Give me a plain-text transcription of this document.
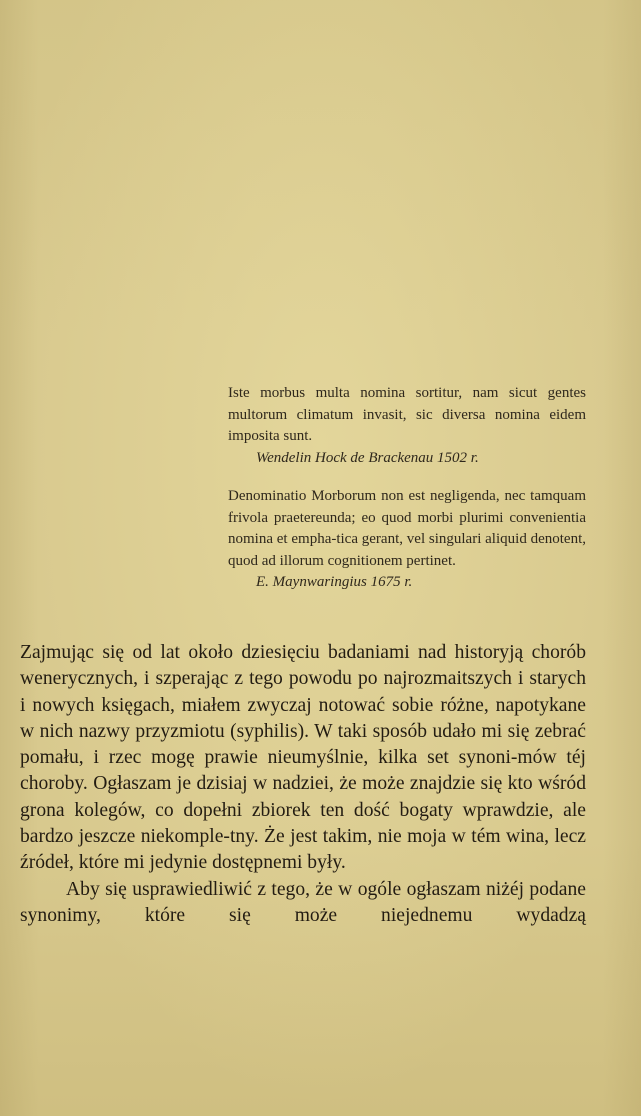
Iste morbus multa nomina sortitur, nam sicut gentes multorum climatum invasit, sic diversa nomina eidem imposita sunt.

Wendelin Hock de Brackenau 1502 r.

Denominatio Morborum non est negligenda, nec tamquam frivola praetereunda; eo quod morbi plurimi convenientia nomina et empha-tica gerant, vel singulari aliquid denotent, quod ad illorum cognitionem pertinet.

E. Maynwaringius 1675 r.

Zajmując się od lat około dziesięciu badaniami nad historyją chorób wenerycznych, i szperając z tego powodu po najrozmaitszych i starych i nowych księgach, miałem zwyczaj notować sobie różne, napotykane w nich nazwy przyzmiotu (syphilis). W taki sposób udało mi się zebrać pomału, i rzec mogę prawie nieumyślnie, kilka set synoni-mów téj choroby. Ogłaszam je dzisiaj w nadziei, że może znajdzie się kto wśród grona kolegów, co dopełni zbiorek ten dość bogaty wprawdzie, ale bardzo jeszcze niekomple-tny. Że jest takim, nie moja w tém wina, lecz źródeł, które mi jedynie dostępnemi były.

Aby się usprawiedliwić z tego, że w ogóle ogłaszam niżéj podane synonimy, które się może niejednemu wydadzą
